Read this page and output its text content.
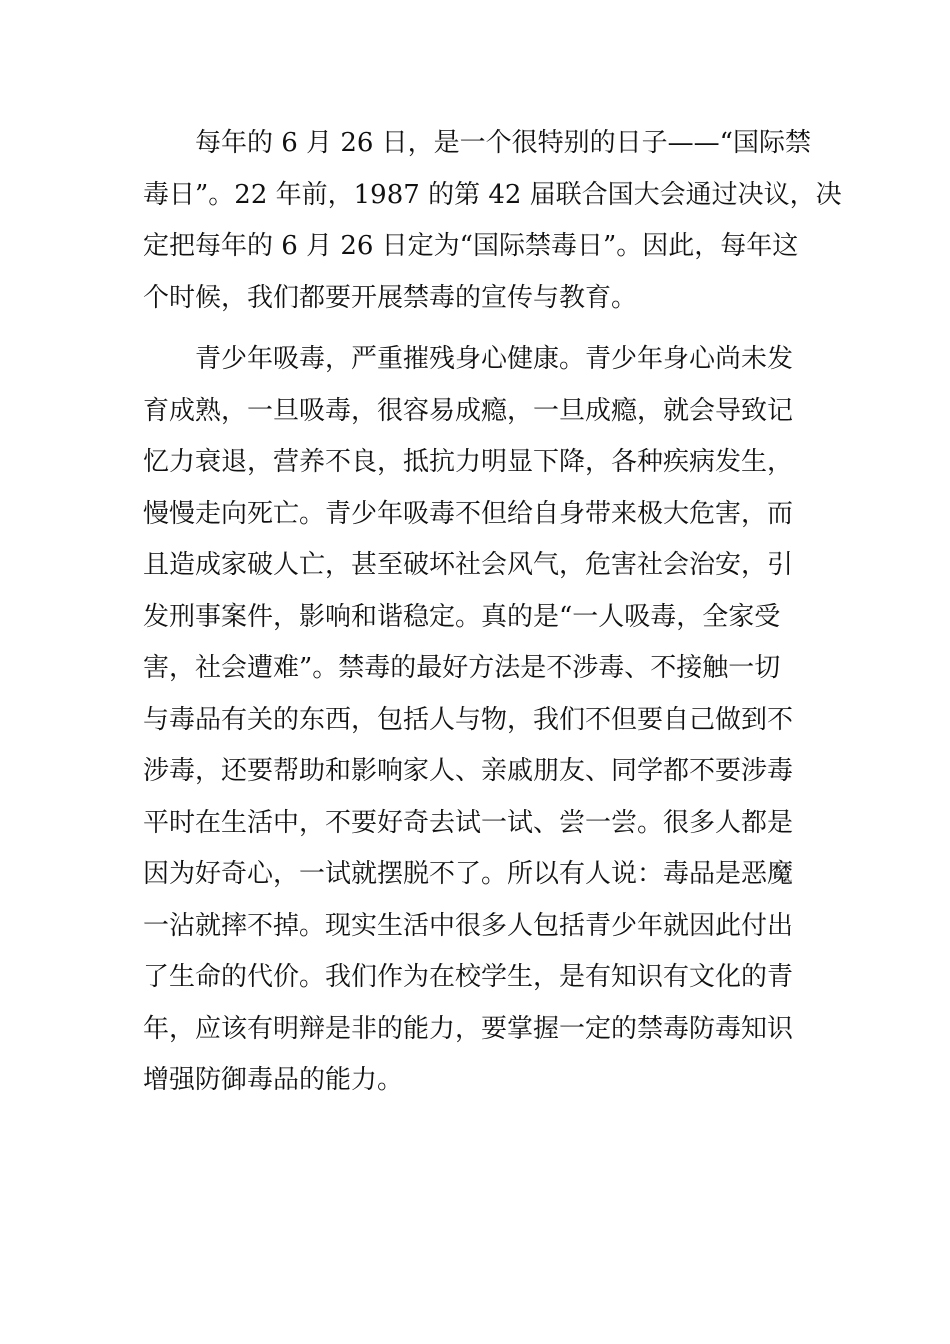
每年的 6 月 26 日，是一个很特别的日子——“国际禁
毒日”。22 年前，1987 的第 42 届联合国大会通过决议，决
定把每年的 6 月 26 日定为“国际禁毒日”。因此，每年这
个时候，我们都要开展禁毒的宣传与教育。
青少年吸毒，严重摧残身心健康。青少年身心尚未发
育成熟，一旦吸毒，很容易成瘾，一旦成瘾，就会导致记
忆力衰退，营养不良，抵抗力明显下降，各种疾病发生，
慢慢走向死亡。青少年吸毒不但给自身带来极大危害，而
且造成家破人亡，甚至破坏社会风气，危害社会治安，引
发刑事案件，影响和谐稳定。真的是“一人吸毒，全家受
害，社会遭难”。禁毒的最好方法是不涉毒、不接触一切
与毒品有关的东西，包括人与物，我们不但要自己做到不
涉毒，还要帮助和影响家人、亲戚朋友、同学都不要涉毒
平时在生活中，不要好奇去试一试、尝一尝。很多人都是
因为好奇心，一试就摆脱不了。所以有人说：毒品是恶魔
一沾就摔不掉。现实生活中很多人包括青少年就因此付出
了生命的代价。我们作为在校学生，是有知识有文化的青
年，应该有明辩是非的能力，要掌握一定的禁毒防毒知识
增强防御毒品的能力。
